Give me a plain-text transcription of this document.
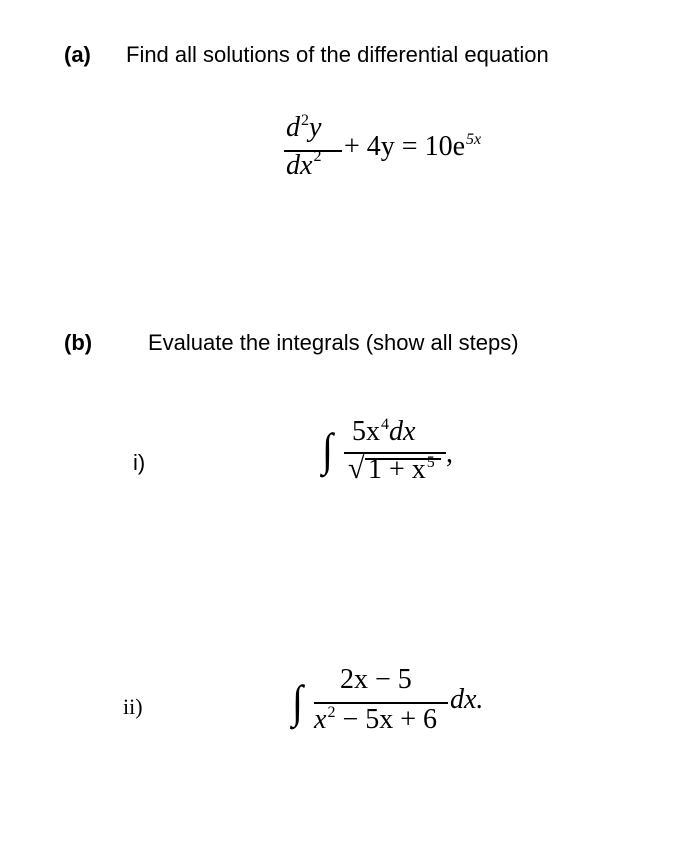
(a) Find all solutions of the differential equation
$d^2y$
$dx^2 + 4y = 10e^{5x}$
(b)	Evaluate the integrals (show all steps)
i)	∫ $5x^4dx$
√ $1 + x^5$ ,
ii)	∫ 2x − 5
$x^2 - 5x + 6$
dx.
